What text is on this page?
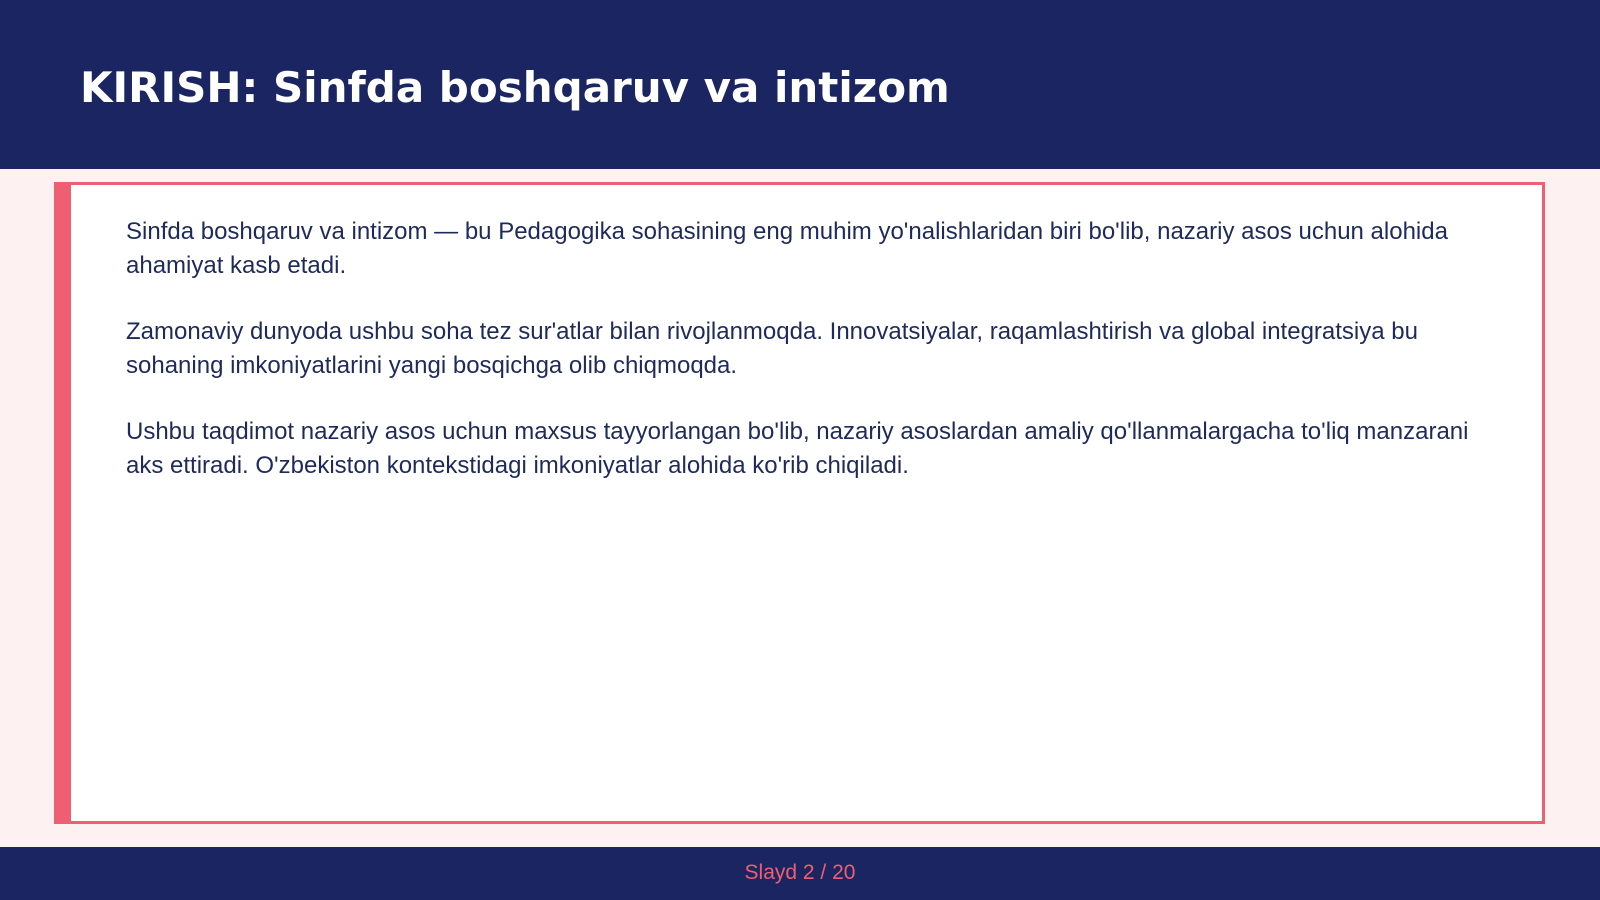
KIRISH: Sinfda boshqaruv va intizom

Sinfda boshqaruv va intizom — bu Pedagogika sohasining eng muhim yo'nalishlaridan biri bo'lib, nazariy asos uchun alohida ahamiyat kasb etadi.

Zamonaviy dunyoda ushbu soha tez sur'atlar bilan rivojlanmoqda. Innovatsiyalar, raqamlashtirish va global integratsiya bu sohaning imkoniyatlarini yangi bosqichga olib chiqmoqda.

Ushbu taqdimot nazariy asos uchun maxsus tayyorlangan bo'lib, nazariy asoslardan amaliy qo'llanmalargacha to'liq manzarani aks ettiradi. O'zbekiston kontekstidagi imkoniyatlar alohida ko'rib chiqiladi.

Slayd 2 / 20
